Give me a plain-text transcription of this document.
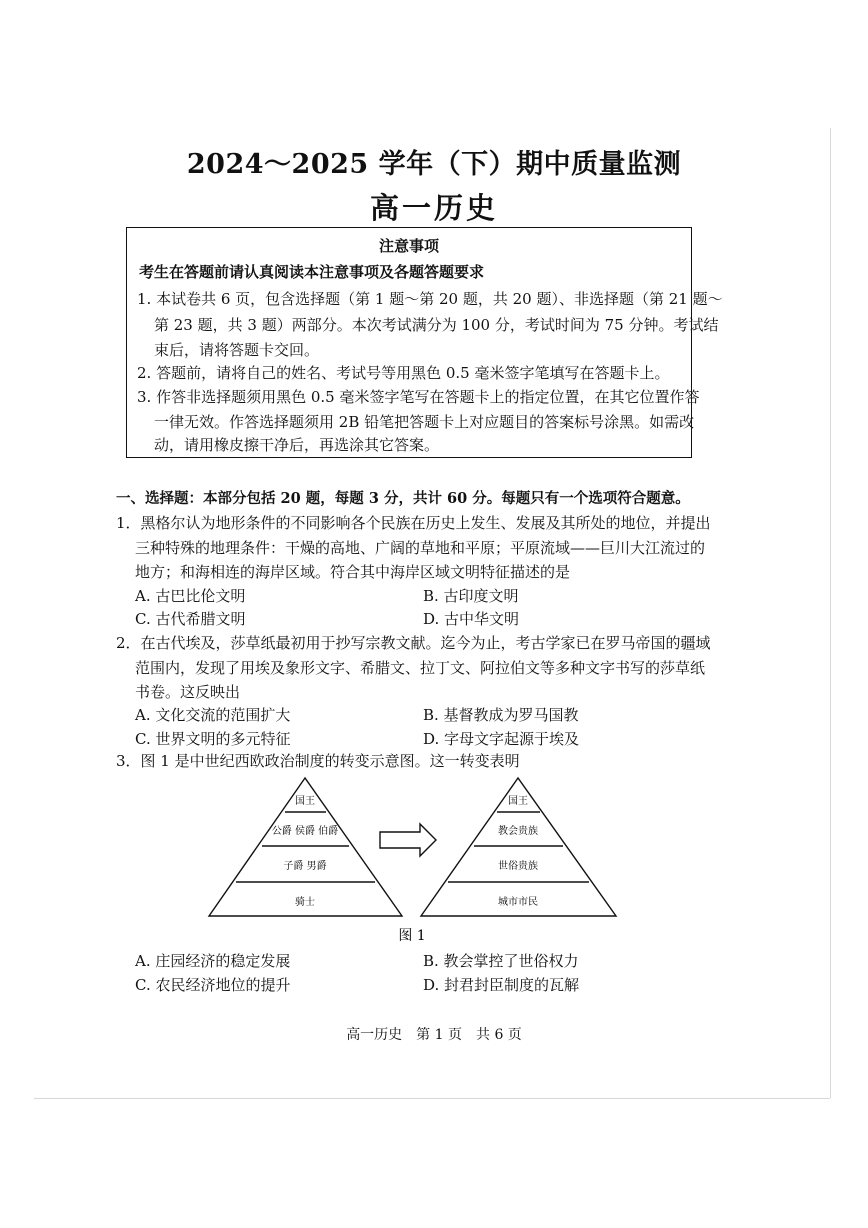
2024～2025 学年（下）期中质量监测
高一历史
注意事项
考生在答题前请认真阅读本注意事项及各题答题要求
1. 本试卷共 6 页，包含选择题（第 1 题～第 20 题，共 20 题）、非选择题（第 21 题～
第 23 题，共 3 题）两部分。本次考试满分为 100 分，考试时间为 75 分钟。考试结
束后，请将答题卡交回。
2. 答题前，请将自己的姓名、考试号等用黑色 0.5 毫米签字笔填写在答题卡上。
3. 作答非选择题须用黑色 0.5 毫米签字笔写在答题卡上的指定位置，在其它位置作答
一律无效。作答选择题须用 2B 铅笔把答题卡上对应题目的答案标号涂黑。如需改
动，请用橡皮擦干净后，再选涂其它答案。
一、选择题：本部分包括 20 题，每题 3 分，共计 60 分。每题只有一个选项符合题意。
1．黑格尔认为地形条件的不同影响各个民族在历史上发生、发展及其所处的地位，并提出
三种特殊的地理条件：干燥的高地、广阔的草地和平原；平原流域——巨川大江流过的
地方；和海相连的海岸区域。符合其中海岸区域文明特征描述的是
A. 古巴比伦文明	B. 古印度文明
C. 古代希腊文明	D. 古中华文明
2．在古代埃及，莎草纸最初用于抄写宗教文献。迄今为止，考古学家已在罗马帝国的疆域
范围内，发现了用埃及象形文字、希腊文、拉丁文、阿拉伯文等多种文字书写的莎草纸
书卷。这反映出
A. 文化交流的范围扩大	B. 基督教成为罗马国教
C. 世界文明的多元特征	D. 字母文字起源于埃及
3．图 1 是中世纪西欧政治制度的转变示意图。这一转变表明
国王
公爵 侯爵 伯爵
子爵 男爵
骑士
国王
教会贵族
世俗贵族
城市市民
图 1
A. 庄园经济的稳定发展	B. 教会掌控了世俗权力
C. 农民经济地位的提升	D. 封君封臣制度的瓦解
高一历史　第 1 页　共 6 页
